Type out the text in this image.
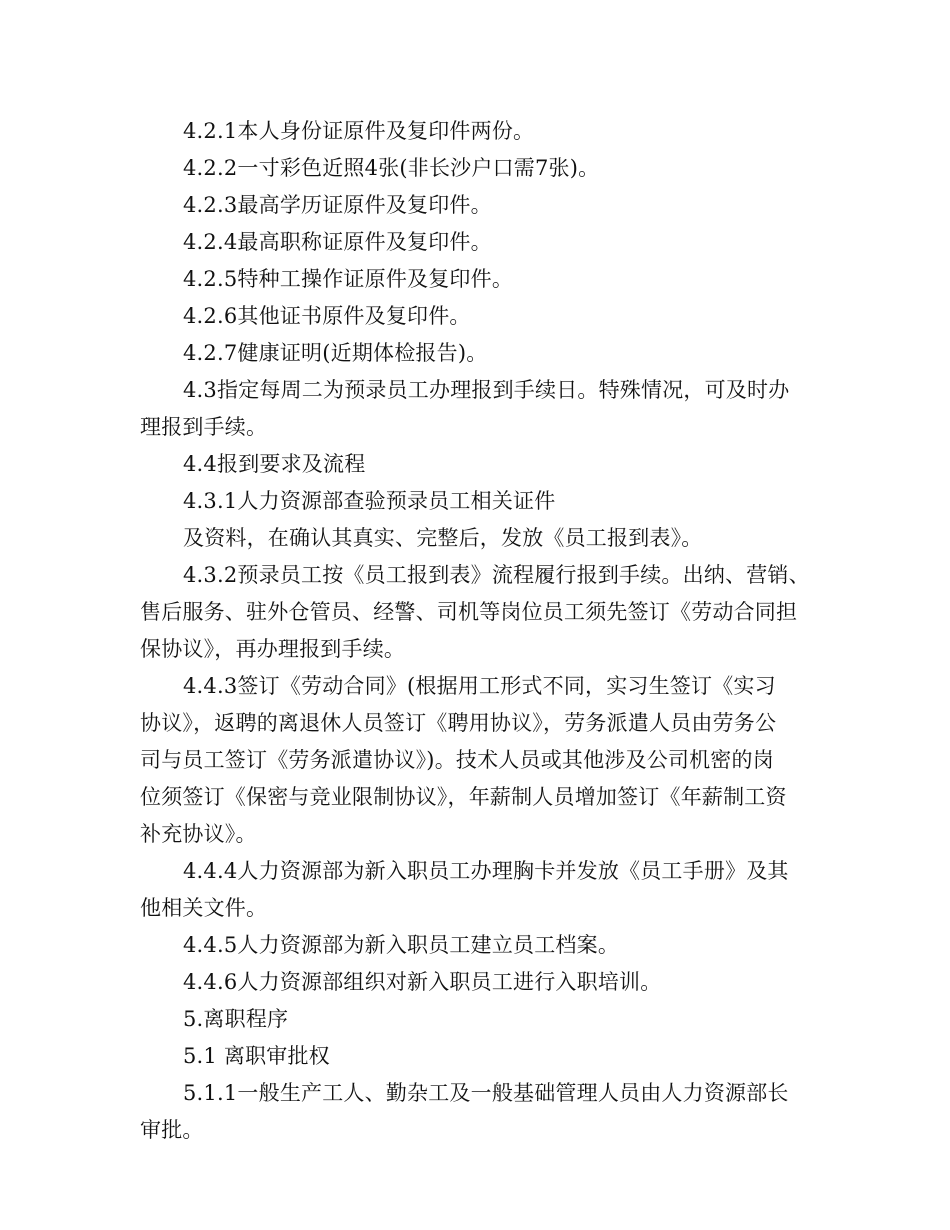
4.2.1本人身份证原件及复印件两份。
4.2.2一寸彩色近照4张(非长沙户口需7张)。
4.2.3最高学历证原件及复印件。
4.2.4最高职称证原件及复印件。
4.2.5特种工操作证原件及复印件。
4.2.6其他证书原件及复印件。
4.2.7健康证明(近期体检报告)。
4.3指定每周二为预录员工办理报到手续日。特殊情况，可及时办
理报到手续。
4.4报到要求及流程
4.3.1人力资源部查验预录员工相关证件
及资料，在确认其真实、完整后，发放《员工报到表》。
4.3.2预录员工按《员工报到表》流程履行报到手续。出纳、营销、
售后服务、驻外仓管员、经警、司机等岗位员工须先签订《劳动合同担
保协议》，再办理报到手续。
4.4.3签订《劳动合同》(根据用工形式不同，实习生签订《实习
协议》，返聘的离退休人员签订《聘用协议》，劳务派遣人员由劳务公
司与员工签订《劳务派遣协议》)。技术人员或其他涉及公司机密的岗
位须签订《保密与竞业限制协议》，年薪制人员增加签订《年薪制工资
补充协议》。
4.4.4人力资源部为新入职员工办理胸卡并发放《员工手册》及其
他相关文件。
4.4.5人力资源部为新入职员工建立员工档案。
4.4.6人力资源部组织对新入职员工进行入职培训。
5.离职程序
5.1 离职审批权
5.1.1一般生产工人、勤杂工及一般基础管理人员由人力资源部长
审批。
